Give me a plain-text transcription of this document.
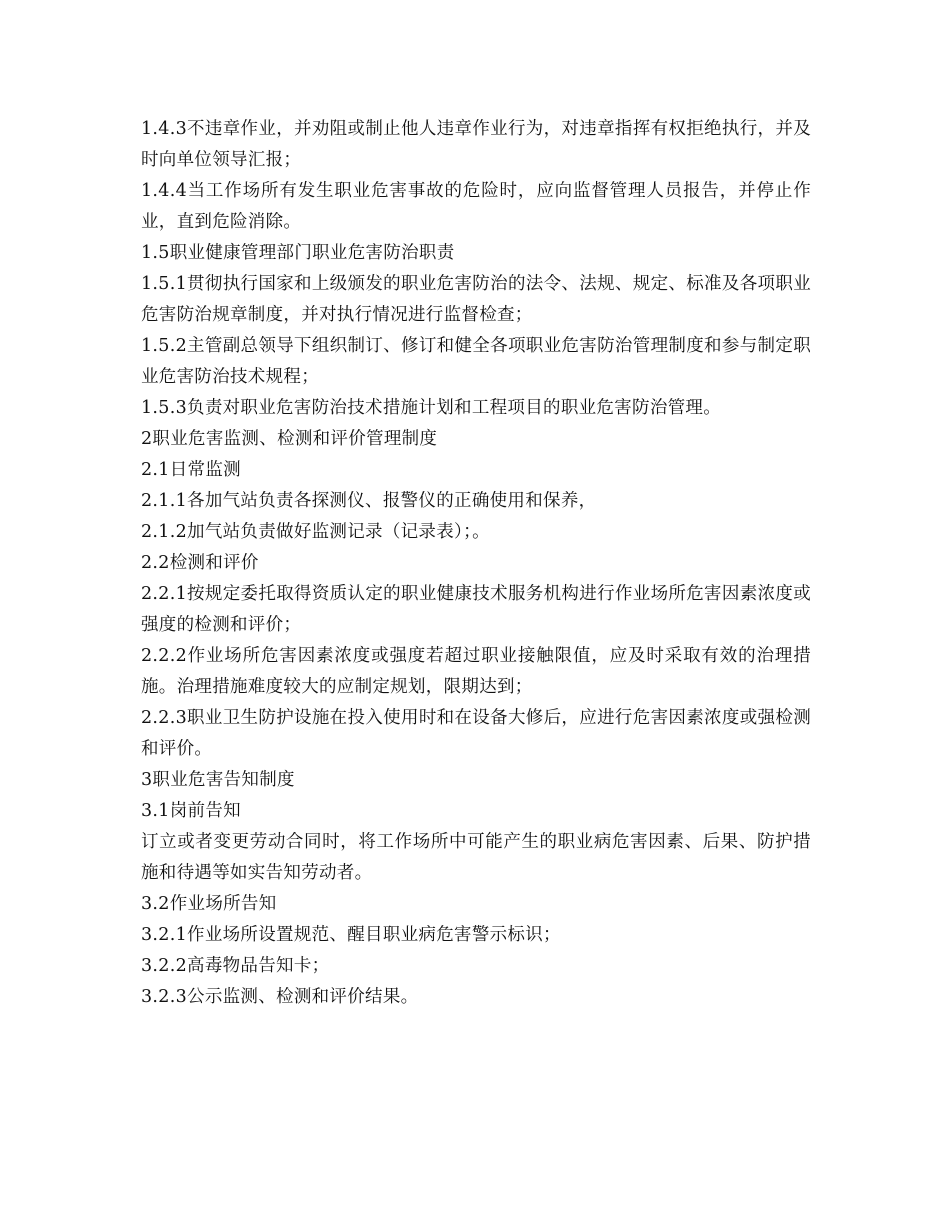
1.4.3不违章作业，并劝阻或制止他人违章作业行为，对违章指挥有权拒绝执行，并及时向单位领导汇报；

1.4.4当工作场所有发生职业危害事故的危险时，应向监督管理人员报告，并停止作业，直到危险消除。

1.5职业健康管理部门职业危害防治职责

1.5.1贯彻执行国家和上级颁发的职业危害防治的法令、法规、规定、标准及各项职业危害防治规章制度，并对执行情况进行监督检查；

1.5.2主管副总领导下组织制订、修订和健全各项职业危害防治管理制度和参与制定职业危害防治技术规程；

1.5.3负责对职业危害防治技术措施计划和工程项目的职业危害防治管理。

2职业危害监测、检测和评价管理制度

2.1日常监测

2.1.1各加气站负责各探测仪、报警仪的正确使用和保养，

2.1.2加气站负责做好监测记录（记录表）；。

2.2检测和评价

2.2.1按规定委托取得资质认定的职业健康技术服务机构进行作业场所危害因素浓度或强度的检测和评价；

2.2.2作业场所危害因素浓度或强度若超过职业接触限值，应及时采取有效的治理措施。治理措施难度较大的应制定规划，限期达到；

2.2.3职业卫生防护设施在投入使用时和在设备大修后，应进行危害因素浓度或强检测和评价。

3职业危害告知制度

3.1岗前告知

订立或者变更劳动合同时，将工作场所中可能产生的职业病危害因素、后果、防护措施和待遇等如实告知劳动者。

3.2作业场所告知

3.2.1作业场所设置规范、醒目职业病危害警示标识；

3.2.2高毒物品告知卡；

3.2.3公示监测、检测和评价结果。
